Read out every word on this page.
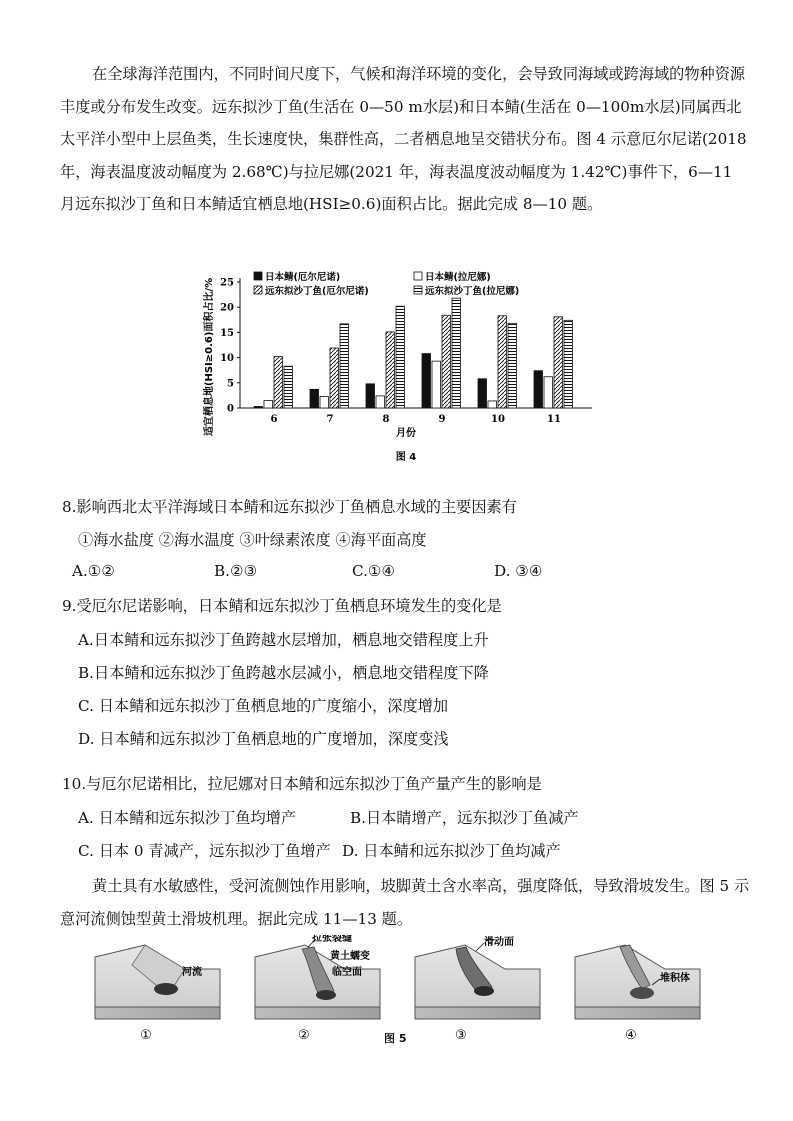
在全球海洋范围内，不同时间尺度下，气候和海洋环境的变化，会导致同海域或跨海域的物种资源丰度或分布发生改变。远东拟沙丁鱼(生活在 0—50 m水层)和日本鲭(生活在 0—100m水层)同属西北太平洋小型中上层鱼类，生长速度快，集群性高，二者栖息地呈交错状分布。图 4 示意厄尔尼诺(2018 年，海表温度波动幅度为 2.68℃)与拉尼娜(2021 年，海表温度波动幅度为 1.42℃)事件下，6—11 月远东拟沙丁鱼和日本鲭适宜栖息地(HSI≥0.6)面积占比。据此完成 8—10 题。

0
5
10
15
20
25
适宜栖息地(HSI≥0.6)面积占比/%	6	7	8	9	10	11
月份
日本鲭(厄尔尼诺)	日本鲭(拉尼娜)
远东拟沙丁鱼(厄尔尼诺)	远东拟沙丁鱼(拉尼娜)
图 4
8.影响西北太平洋海域日本鲭和远东拟沙丁鱼栖息水域的主要因素有
①海水盐度 ②海水温度 ③叶绿素浓度 ④海平面高度
A.①②	B.②③	C.①④	D. ③④
9.受厄尔尼诺影响，日本鲭和远东拟沙丁鱼栖息环境发生的变化是
A.日本鲭和远东拟沙丁鱼跨越水层增加，栖息地交错程度上升
B.日本鲭和远东拟沙丁鱼跨越水层减小，栖息地交错程度下降
C. 日本鲭和远东拟沙丁鱼栖息地的广度缩小，深度增加
D. 日本鲭和远东拟沙丁鱼栖息地的广度增加，深度变浅
10.与厄尔尼诺相比，拉尼娜对日本鲭和远东拟沙丁鱼产量产生的影响是
A. 日本鲭和远东拟沙丁鱼均增产	B.日本睛增产，远东拟沙丁鱼减产
C. 日本 0 青减产，远东拟沙丁鱼增产 D. 日本鲭和远东拟沙丁鱼均减产

黄土具有水敏感性，受河流侧蚀作用影响，坡脚黄土含水率高，强度降低，导致滑坡发生。图 5 示意河流侧蚀型黄土滑坡机理。据此完成 11—13 题。

河流
①
拉张裂缝
黄土蠕变
临空面
②
滑动面
③
堆积体
④
图 5
